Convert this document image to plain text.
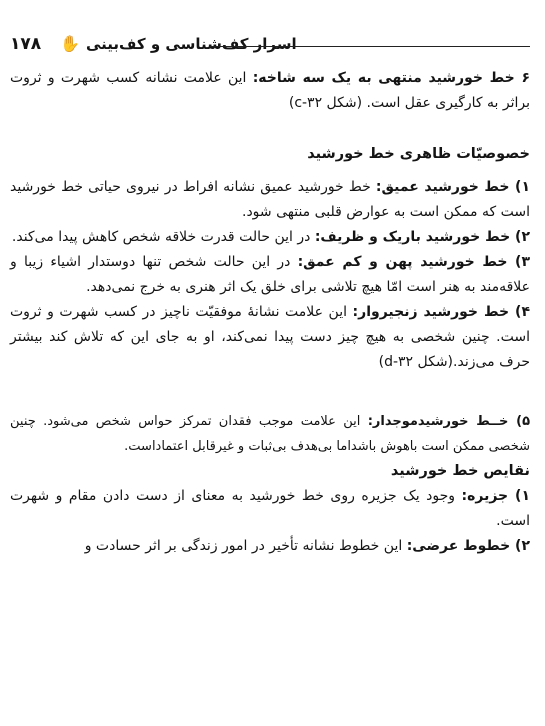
۱۷۸ ✋ اسرار کف‌شناسی و کف‌بینی

۶ خط خورشید منتهی به یک سه شاخه: این علامت نشانه کسب شهرت و ثروت براثر به کارگیری عقل است. (شکل c-۳۲)

خصوصیّات ظاهری خط خورشید

۱) خط خورشید عمیق: خط خورشید عمیق نشانه افراط در نیروی حیاتی خط خورشید است که ممکن است به عوارض قلبی منتهی شود.

۲) خط خورشید باریک و ظریف: در این حالت قدرت خلاقه شخص کاهش پیدا می‌کند.

۳) خط خورشید پهن و کم عمق: در این حالت شخص تنها دوستدار اشیاء زیبا و علاقه‌مند به هنر است امّا هیچ تلاشی برای خلق یک اثر هنری به خرج نمی‌دهد.

۴) خط خورشید زنجیروار: این علامت نشانهٔ موفقیّت ناچیز در کسب شهرت و ثروت است. چنین شخصی به هیچ چیز دست پیدا نمی‌کند، او به جای این که تلاش کند بیشتر حرف می‌زند.(شکل d-۳۲)

۵) خــط خورشیدموجدار: این علامت موجب فقدان تمرکز حواس شخص می‌شود. چنین شخصی ممکن است باهوش باشداما بی‌هدف بی‌ثبات و غیرقابل اعتماداست.

نقایص خط خورشید

۱) جزیره: وجود یک جزیره روی خط خورشید به معنای از دست دادن مقام و شهرت است.

۲) خطوط عرضی: این خطوط نشانه تأخیر در امور زندگی بر اثر حسادت و
